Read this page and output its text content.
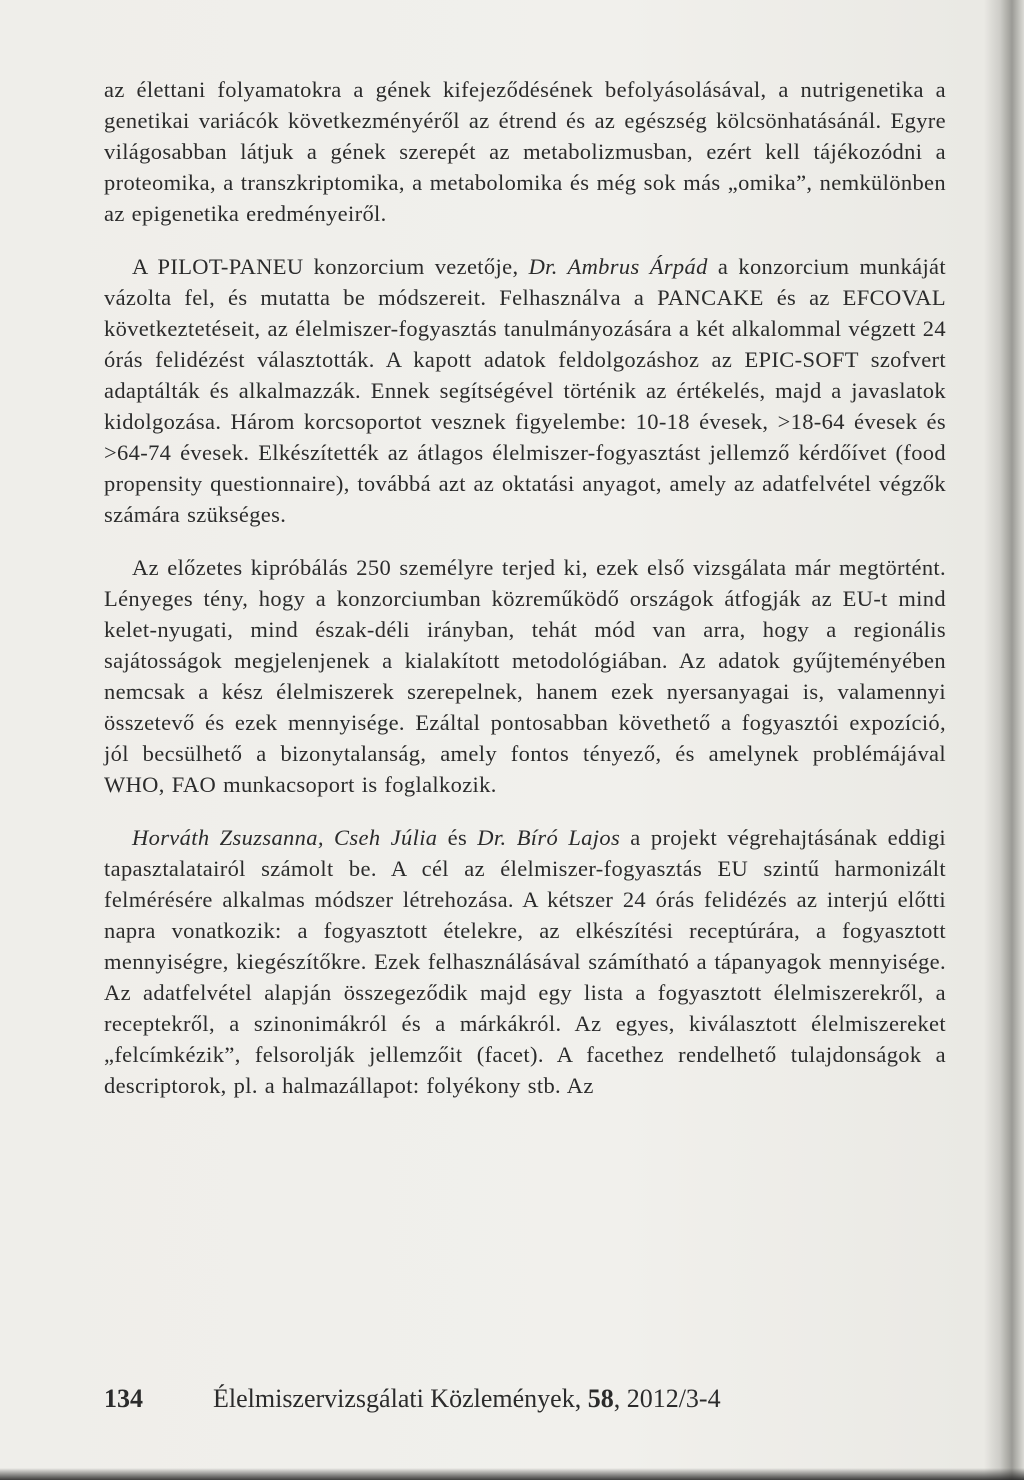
az élettani folyamatokra a gének kifejeződésének befolyásolásával, a nutrigenetika a genetikai variácók következményéről az étrend és az egészség kölcsönhatásánál. Egyre világosabban látjuk a gének szerepét az metabolizmusban, ezért kell tájékozódni a proteomika, a transzkriptomika, a metabolomika és még sok más „omika”, nemkülönben az epigenetika eredményeiről.

A PILOT-PANEU konzorcium vezetője, Dr. Ambrus Árpád a konzorcium munkáját vázolta fel, és mutatta be módszereit. Felhasználva a PANCAKE és az EFCOVAL következtetéseit, az élelmiszer-fogyasztás tanulmányozására a két alkalommal végzett 24 órás felidézést választották. A kapott adatok feldolgozáshoz az EPIC-SOFT szofvert adaptálták és alkalmazzák. Ennek segítségével történik az értékelés, majd a javaslatok kidolgozása. Három korcsoportot vesznek figyelembe: 10-18 évesek, >18-64 évesek és >64-74 évesek. Elkészítették az átlagos élelmiszer-fogyasztást jellemző kérdőívet (food propensity questionnaire), továbbá azt az oktatási anyagot, amely az adatfelvétel végzők számára szükséges.

Az előzetes kipróbálás 250 személyre terjed ki, ezek első vizsgálata már megtörtént. Lényeges tény, hogy a konzorciumban közreműködő országok átfogják az EU-t mind kelet-nyugati, mind észak-déli irányban, tehát mód van arra, hogy a regionális sajátosságok megjelenjenek a kialakított metodológiában. Az adatok gyűjteményében nemcsak a kész élelmiszerek szerepelnek, hanem ezek nyersanyagai is, valamennyi összetevő és ezek mennyisége. Ezáltal pontosabban követhető a fogyasztói expozíció, jól becsülhető a bizonytalanság, amely fontos tényező, és amelynek problémájával WHO, FAO munkacsoport is foglalkozik.

Horváth Zsuzsanna, Cseh Júlia és Dr. Bíró Lajos a projekt végrehajtásának eddigi tapasztalatairól számolt be. A cél az élelmiszer-fogyasztás EU szintű harmonizált felmérésére alkalmas módszer létrehozása. A kétszer 24 órás felidézés az interjú előtti napra vonatkozik: a fogyasztott ételekre, az elkészítési receptúrára, a fogyasztott mennyiségre, kiegészítőkre. Ezek felhasználásával számítható a tápanyagok mennyisége. Az adatfelvétel alapján összegeződik majd egy lista a fogyasztott élelmiszerekről, a receptekről, a szinonimákról és a márkákról. Az egyes, kiválasztott élelmiszereket „felcímkézik”, felsorolják jellemzőit (facet). A facethez rendelhető tulajdonságok a descriptorok, pl. a halmazállapot: folyékony stb. Az

134	Élelmiszervizsgálati Közlemények, 58, 2012/3-4
